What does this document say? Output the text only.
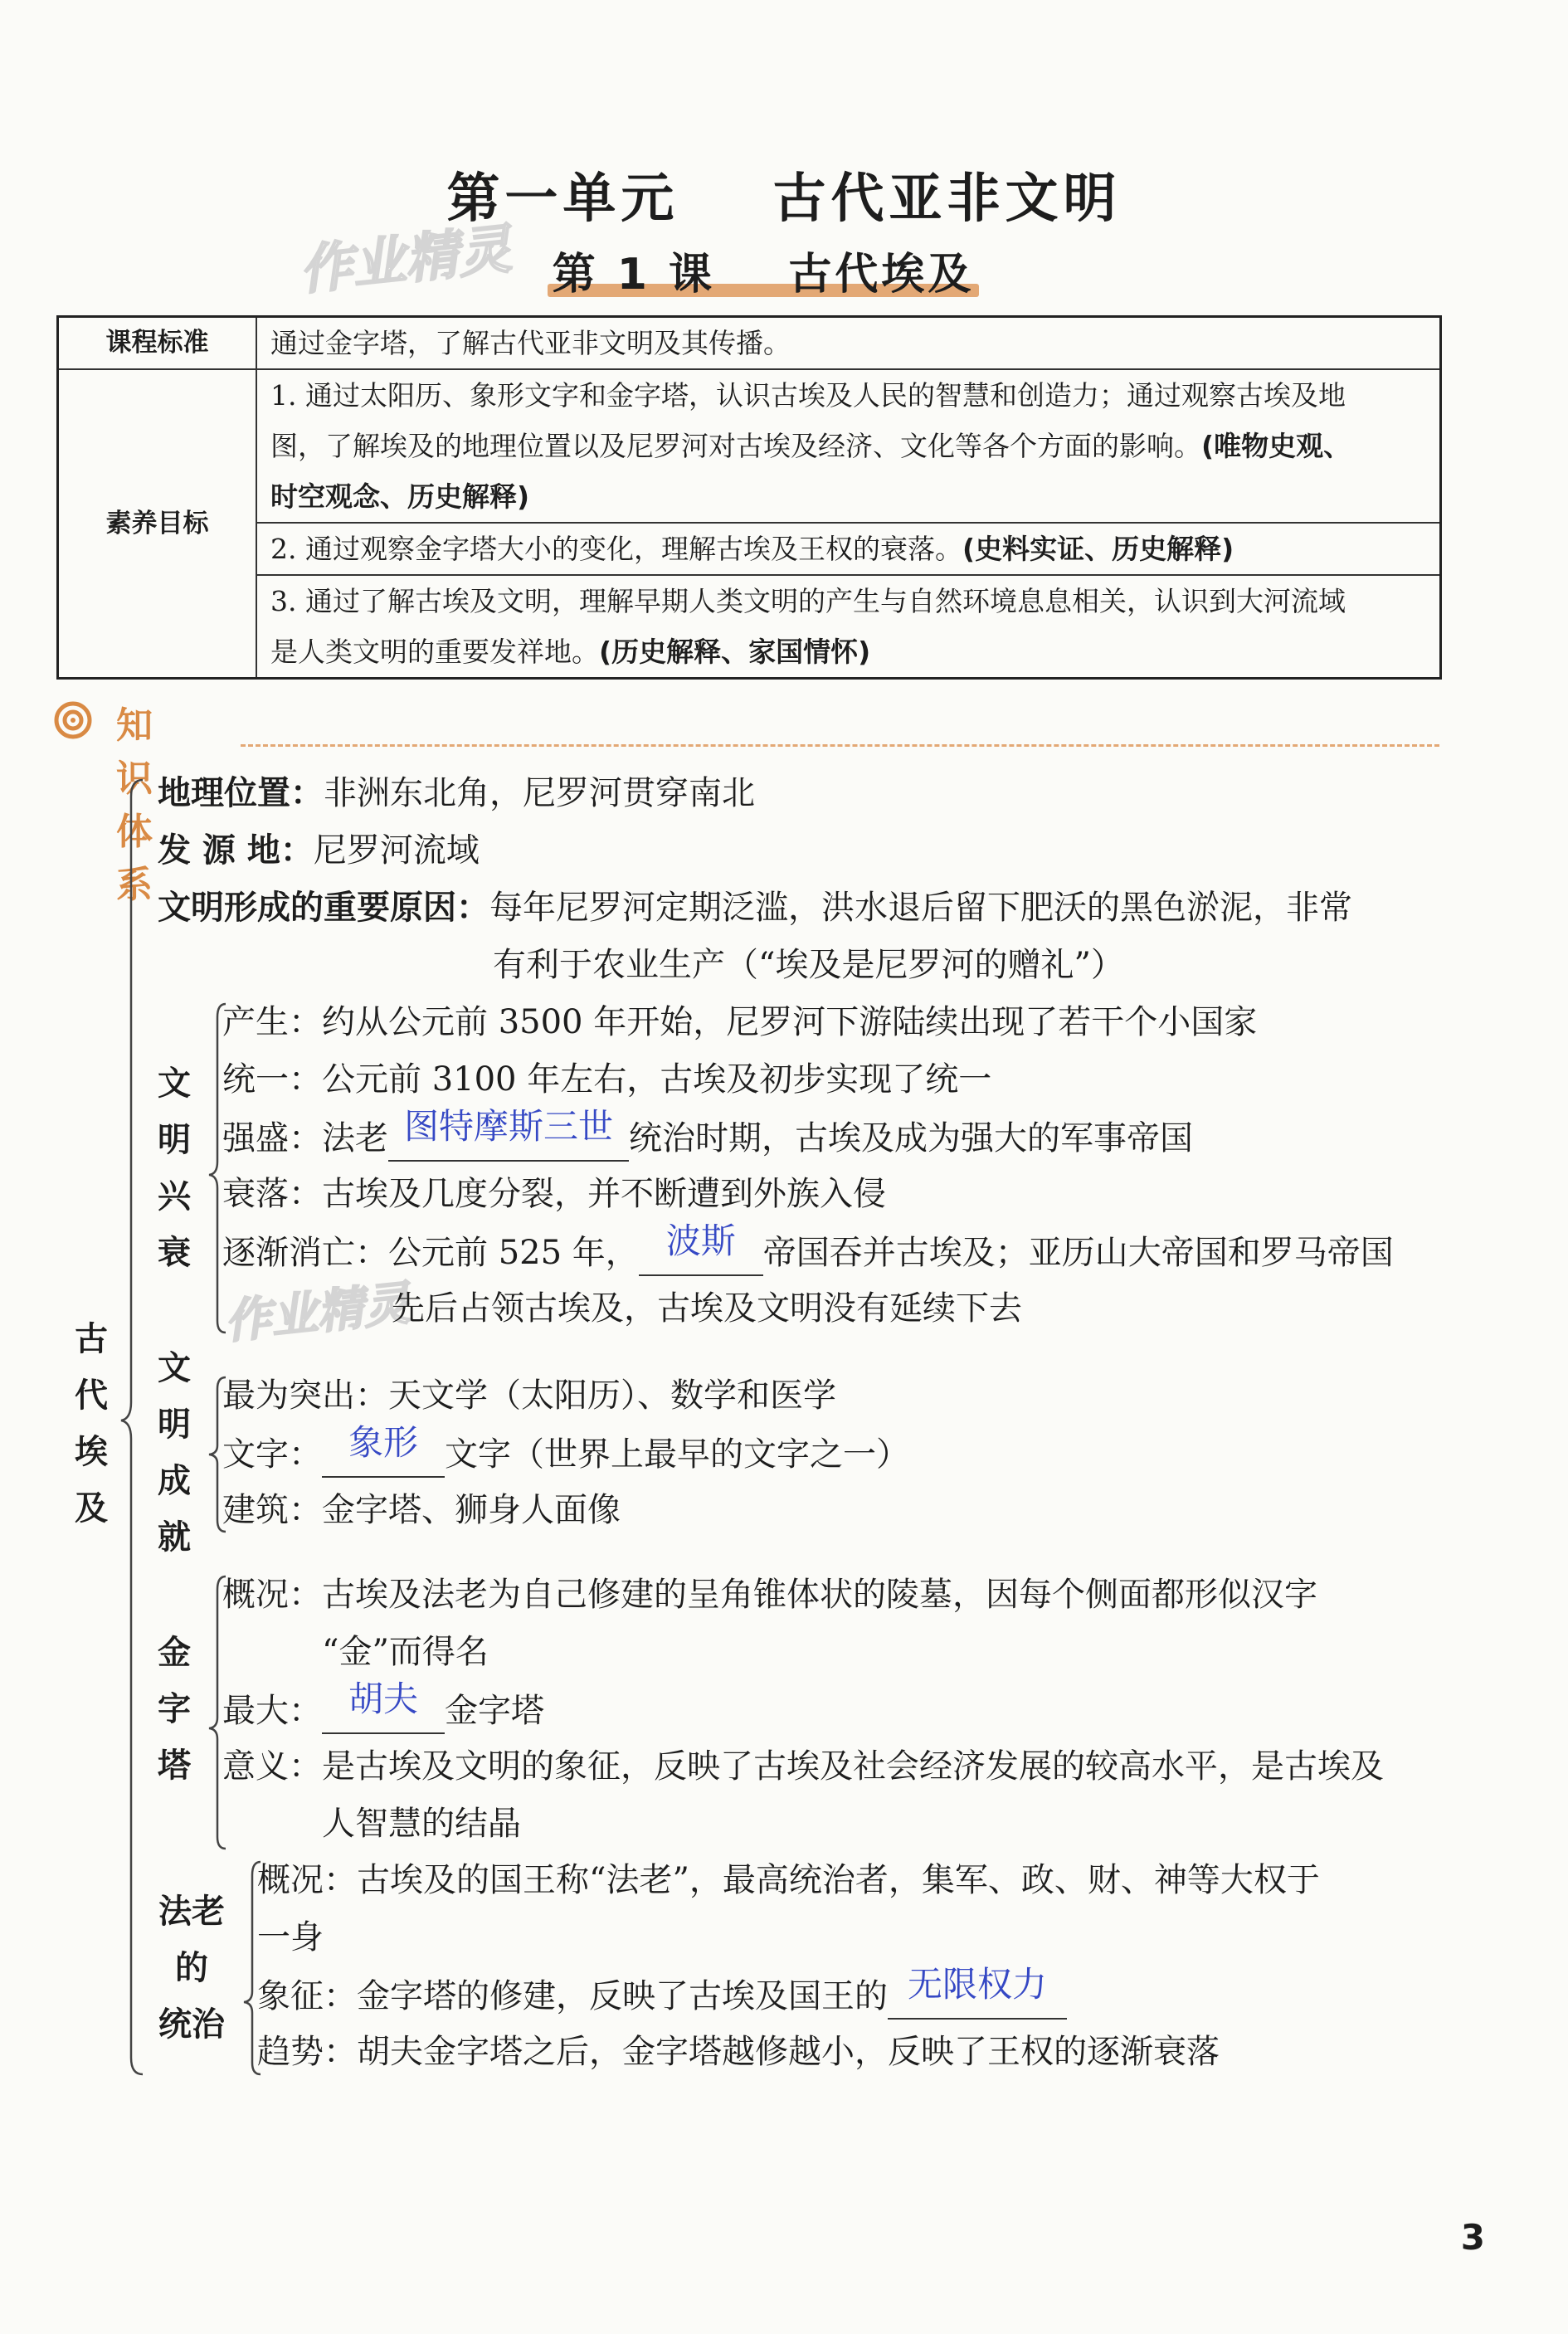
第一单元    古代亚非文明
作业精灵 第 1 课    古代埃及
课程标准	通过金字塔，了解古代亚非文明及其传播。
素养目标	1. 通过太阳历、象形文字和金字塔，认识古埃及人民的智慧和创造力；通过观察古埃及地
图，了解埃及的地理位置以及尼罗河对古埃及经济、文化等各个方面的影响。(唯物史观、
时空观念、历史解释)

	2. 通过观察金字塔大小的变化，理解古埃及王权的衰落。(史料实证、历史解释)

	3. 通过了解古埃及文明，理解早期人类文明的产生与自然环境息息相关，认识到大河流域
是人类文明的重要发祥地。(历史解释、家国情怀)
知识体系
古
代
埃
及
地理位置：非洲东北角，尼罗河贯穿南北
发 源 地：尼罗河流域
文明形成的重要原因：每年尼罗河定期泛滥，洪水退后留下肥沃的黑色淤泥，非常
有利于农业生产（“埃及是尼罗河的赠礼”）
文
明
兴
衰
产生：约从公元前 3500 年开始，尼罗河下游陆续出现了若干个小国家
统一：公元前 3100 年左右，古埃及初步实现了统一
强盛：法老 图特摩斯三世 统治时期，古埃及成为强大的军事帝国
衰落：古埃及几度分裂，并不断遭到外族入侵
逐渐消亡：公元前 525 年， 波斯 帝国吞并古埃及；亚历山大帝国和罗马帝国
作业精灵
先后占领古埃及，古埃及文明没有延续下去
文
明
成
就
最为突出：天文学（太阳历）、数学和医学
文字： 象形 文字（世界上最早的文字之一）
建筑：金字塔、狮身人面像
金
字
塔
概况：古埃及法老为自己修建的呈角锥体状的陵墓，因每个侧面都形似汉字
“金”而得名
最大： 胡夫 金字塔
意义：是古埃及文明的象征，反映了古埃及社会经济发展的较高水平，是古埃及
人智慧的结晶
法老
的
统治
概况：古埃及的国王称“法老”，最高统治者，集军、政、财、神等大权于
一身
象征：金字塔的修建，反映了古埃及国王的 无限权力
趋势：胡夫金字塔之后，金字塔越修越小，反映了王权的逐渐衰落
3
